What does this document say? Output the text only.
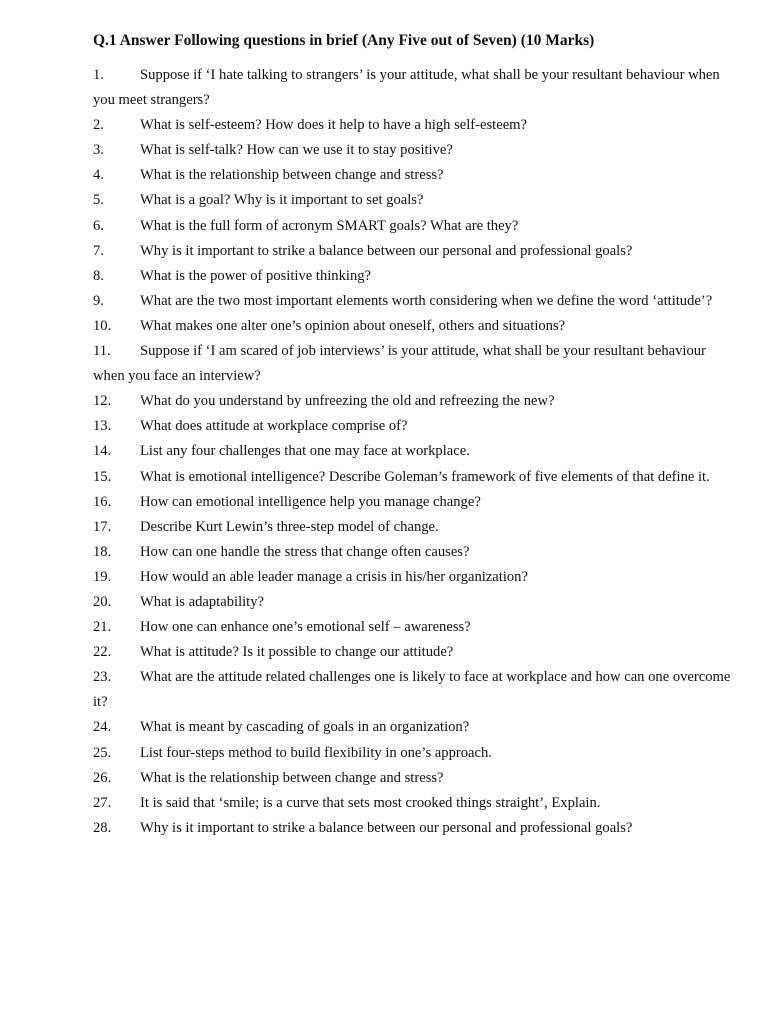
Q.1 Answer Following questions in brief (Any Five out of Seven) (10 Marks)

1. Suppose if ‘I hate talking to strangers’ is your attitude, what shall be your resultant behaviour when you meet strangers?

2. What is self-esteem? How does it help to have a high self-esteem?

3. What is self-talk? How can we use it to stay positive?

4. What is the relationship between change and stress?

5. What is a goal? Why is it important to set goals?

6. What is the full form of acronym SMART goals? What are they?

7. Why is it important to strike a balance between our personal and professional goals?

8. What is the power of positive thinking?

9. What are the two most important elements worth considering when we define the word ‘attitude’?

10. What makes one alter one’s opinion about oneself, others and situations?

11. Suppose if ‘I am scared of job interviews’ is your attitude, what shall be your resultant behaviour when you face an interview?

12. What do you understand by unfreezing the old and refreezing the new?

13. What does attitude at workplace comprise of?

14. List any four challenges that one may face at workplace.

15. What is emotional intelligence? Describe Goleman’s framework of five elements of that define it.

16. How can emotional intelligence help you manage change?

17. Describe Kurt Lewin’s three-step model of change.

18. How can one handle the stress that change often causes?

19. How would an able leader manage a crisis in his/her organization?

20. What is adaptability?

21. How one can enhance one’s emotional self – awareness?

22. What is attitude? Is it possible to change our attitude?

23. What are the attitude related challenges one is likely to face at workplace and how can one overcome it?

24. What is meant by cascading of goals in an organization?

25. List four-steps method to build flexibility in one’s approach.

26. What is the relationship between change and stress?

27. It is said that ‘smile; is a curve that sets most crooked things straight’, Explain.

28. Why is it important to strike a balance between our personal and professional goals?
